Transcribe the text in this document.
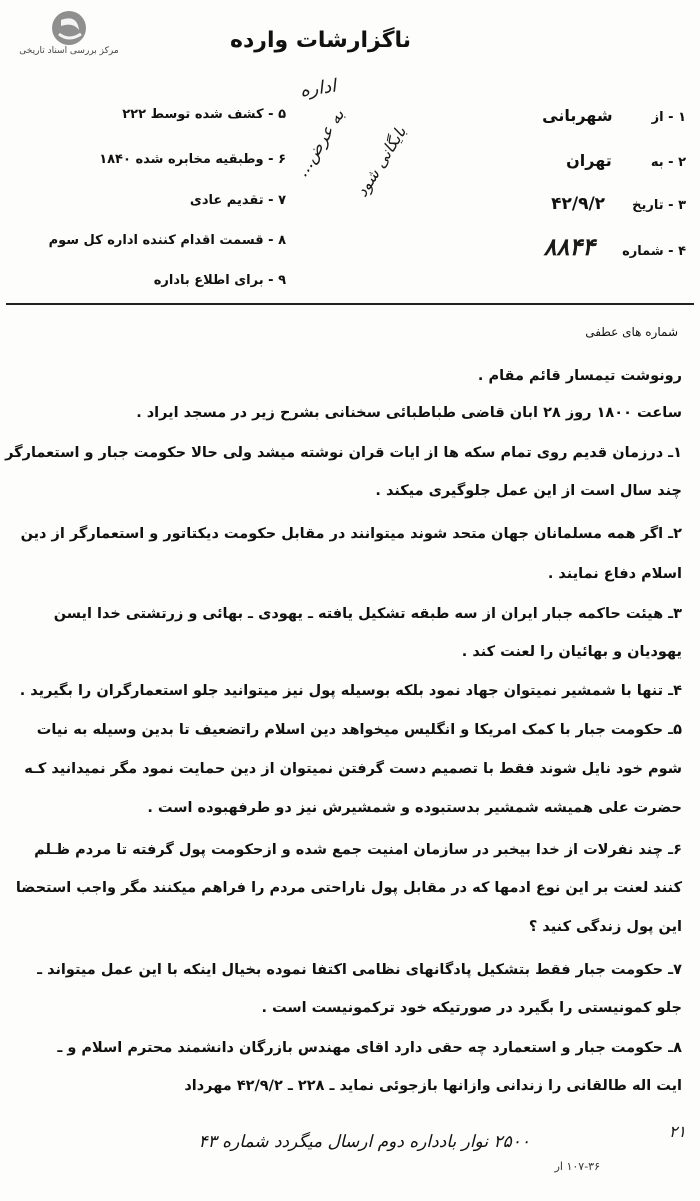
مرکز بررسی اسناد تاریخی	ناگزارشات وارده
۱ - از  شهربانی
۲ - به  تهران
۳ - تاریخ  ۴۲/۹/۲
۴ - شماره  ۸۸۴۴
۵ - کشف شده توسط ۲۲۲
۶ - وطبقیه مخابره شده ۱۸۴۰
۷ - تقدیم عادی
۸ - قسمت اقدام کننده اداره کل سوم
۹ - برای اطلاع باداره
اداره
به عرض... بایگانی شود
شماره های عطفی
رونوشت تیمسار قائم مقام .
ساعت ۱۸۰۰ روز ۲۸ ابان قاضی طباطبائی سخنانی بشرح زیر در مسجد ایراد .
۱ـ درزمان قدیم روی تمام سکه ها از ایات قران نوشته میشد ولی حالا حکومت جبار و استعمارگر
چند سال است از این عمل جلوگیری میکند .
۲ـ اگر همه مسلمانان جهان متحد شوند میتوانند در مقابل حکومت دیکتاتور و استعمارگر از دین
اسلام دفاع نمایند .
۳ـ هیئت حاکمه جبار ایران از سه طبقه تشکیل یافته ـ یهودی ـ بهائی و زرتشتی خدا ایسن
یهودیان و بهائیان را لعنت کند .
۴ـ تنها با شمشیر نمیتوان جهاد نمود بلکه بوسیله پول نیز میتوانید جلو استعمارگران را بگیرید .
۵ـ حکومت جبار با کمک امریکا و انگلیس میخواهد دین اسلام راتضعیف تا بدین وسیله به نیات
شوم خود نایل شوند فقط با تصمیم دست گرفتن نمیتوان از دین حمایت نمود مگر نمیدانید کـه
حضرت علی همیشه شمشیر بدستبوده و شمشیرش نیز دو طرفهبوده است .
۶ـ چند نفرلات از خدا بیخبر در سازمان امنیت جمع شده و ازحکومت پول گرفته تا مردم ظـلم
کنند لعنت بر این نوع ادمها که در مقابل پول ناراحتی مردم را فراهم میکنند مگر واجب استحضا
این پول زندگی کنید ؟
۷ـ حکومت جبار فقط بتشکیل پادگانهای نظامی اکتفا نموده بخیال اینکه با این عمل میتواند ـ
جلو کمونیستی را بگیرد در صورتیکه خود ترکمونیست است .
۸ـ حکومت جبار و استعمارد چه حقی دارد اقای مهندس بازرگان دانشمند محترم اسلام و ـ
ایت اله طالقانی را زندانی وازانها بازجوئی نماید ـ ۲۲۸ ـ ۴۲/۹/۲ مهرداد
۲۵۰۰ نوار بادداره دوم ارسال میگردد شماره ۴۳
۲۱
۱۰۷-۳۶ ار
